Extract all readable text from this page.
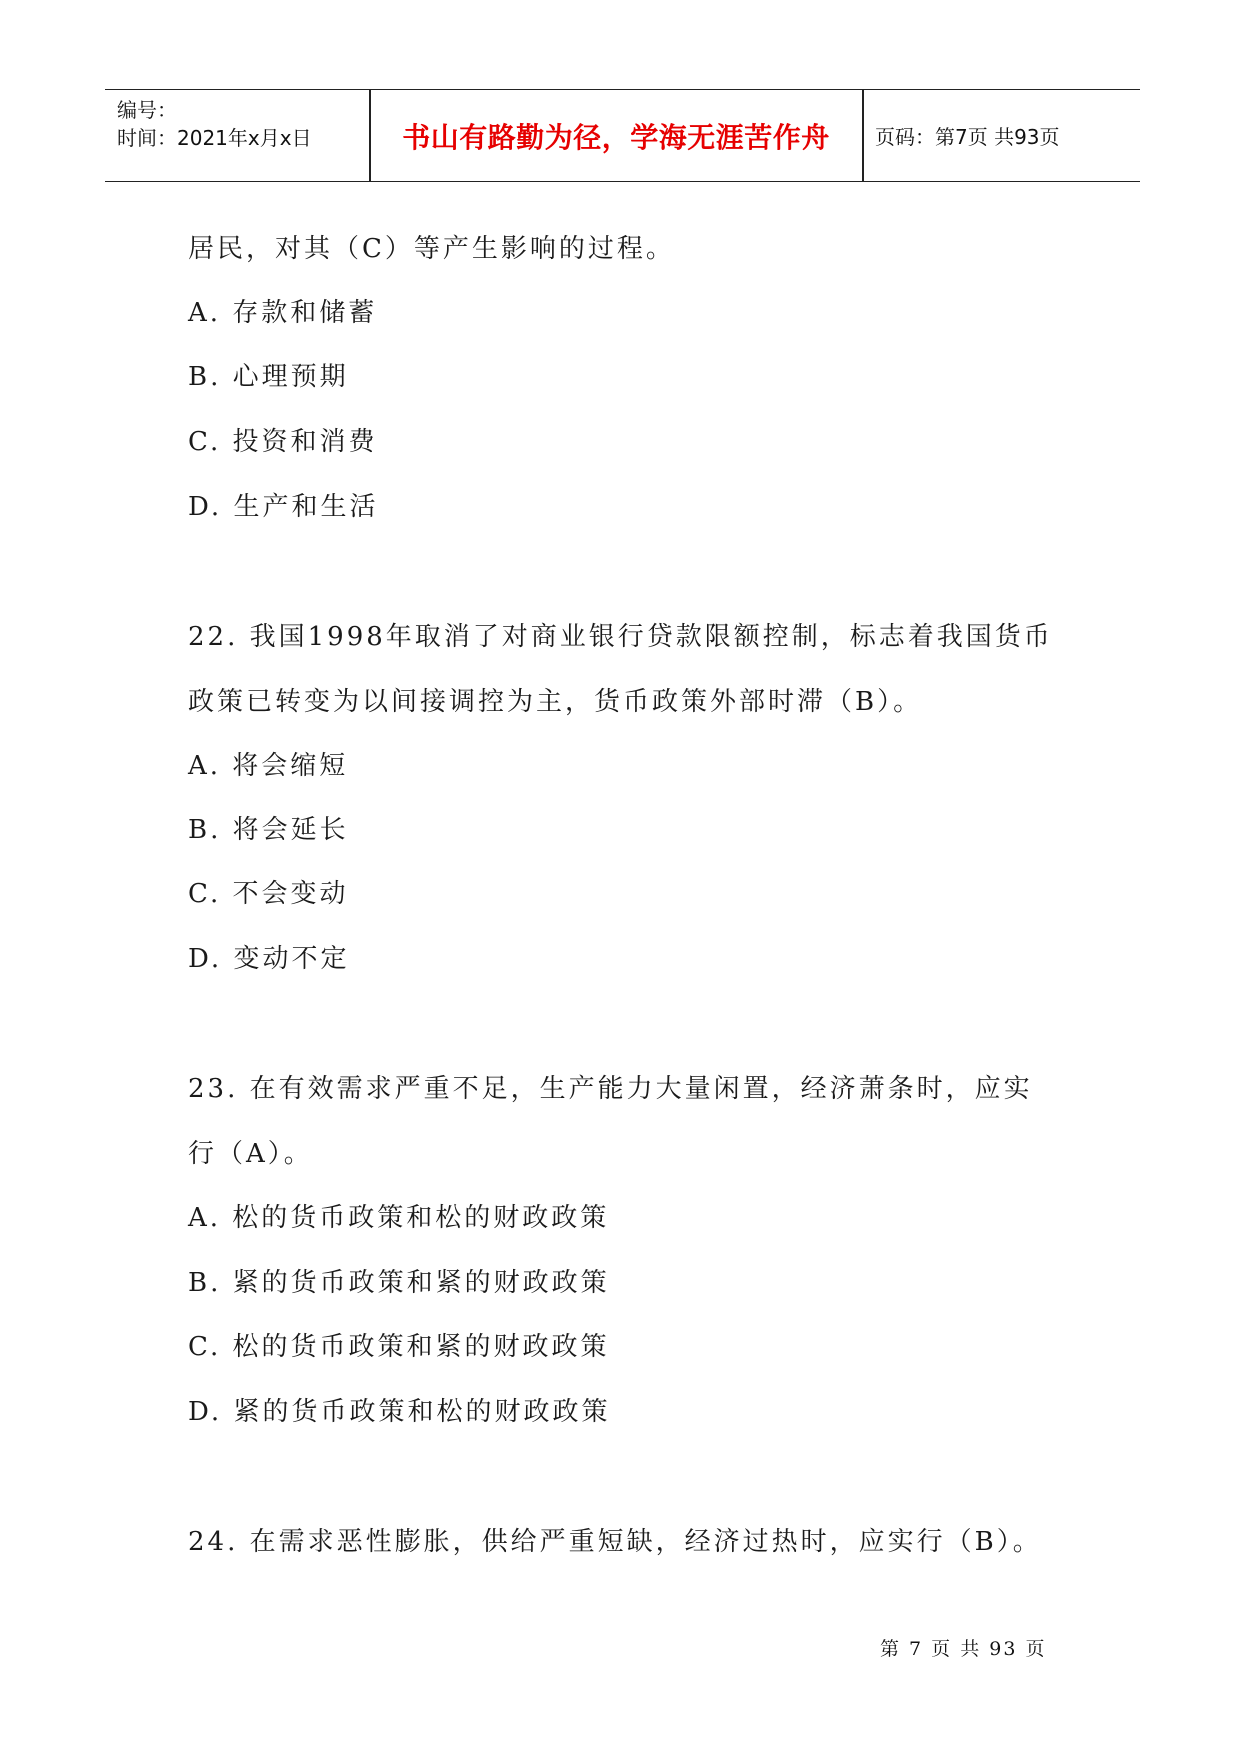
编号：
时间：2021年x月x日	书山有路勤为径，学海无涯苦作舟	页码：第7页 共93页
居民，对其（C）等产生影响的过程。
A. 存款和储蓄
B. 心理预期
C. 投资和消费
D. 生产和生活
22. 我国1998年取消了对商业银行贷款限额控制，标志着我国货币
政策已转变为以间接调控为主，货币政策外部时滞（B）。
A. 将会缩短
B. 将会延长
C. 不会变动
D. 变动不定
23. 在有效需求严重不足，生产能力大量闲置，经济萧条时，应实
行（A）。
A. 松的货币政策和松的财政政策
B. 紧的货币政策和紧的财政政策
C. 松的货币政策和紧的财政政策
D. 紧的货币政策和松的财政政策
24. 在需求恶性膨胀，供给严重短缺，经济过热时，应实行（B）。
第 7 页 共 93 页
